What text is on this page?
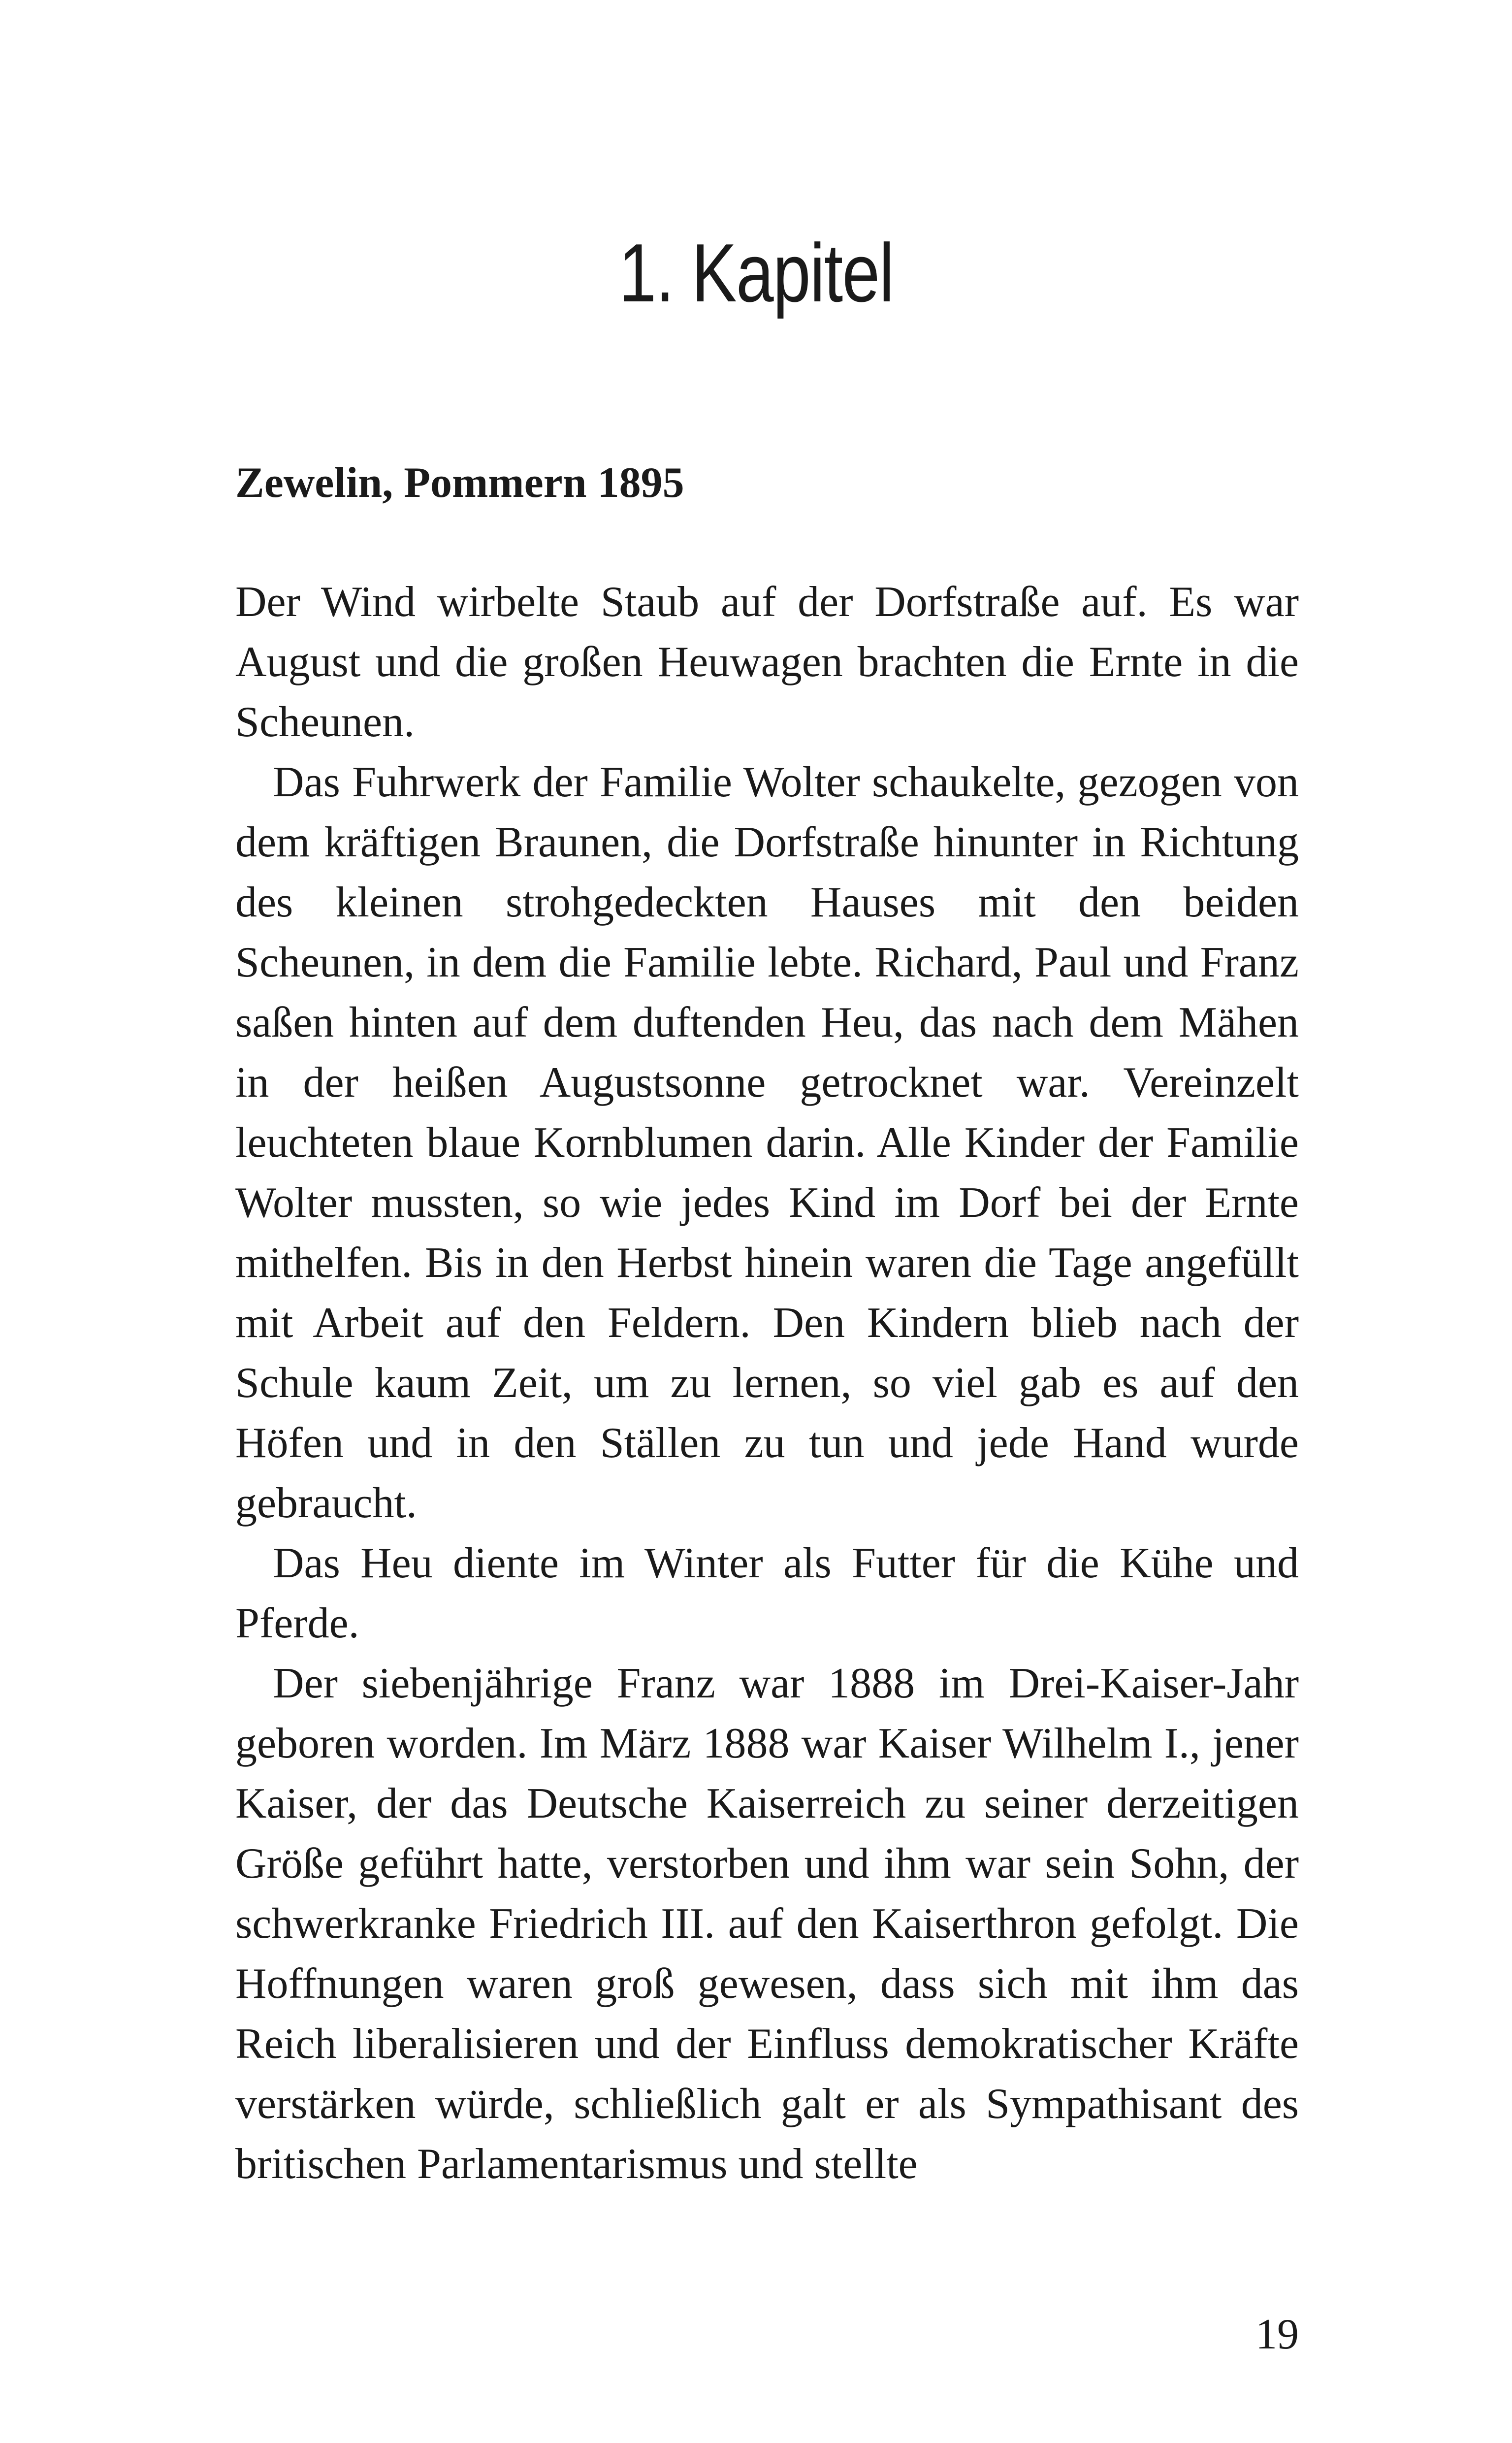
1. Kapitel
Zewelin, Pommern 1895

Der Wind wirbelte Staub auf der Dorfstraße auf. Es war August und die großen Heuwagen brachten die Ernte in die Scheunen.

Das Fuhrwerk der Familie Wolter schaukelte, gezogen von dem kräftigen Braunen, die Dorfstraße hinunter in Richtung des kleinen strohgedeckten Hauses mit den beiden Scheunen, in dem die Familie lebte. Richard, Paul und Franz saßen hinten auf dem duftenden Heu, das nach dem Mähen in der heißen Augustsonne getrocknet war. Vereinzelt leuchteten blaue Kornblumen darin. Alle Kinder der Familie Wolter mussten, so wie jedes Kind im Dorf bei der Ernte mithelfen. Bis in den Herbst hinein waren die Tage angefüllt mit Arbeit auf den Feldern. Den Kindern blieb nach der Schule kaum Zeit, um zu lernen, so viel gab es auf den Höfen und in den Ställen zu tun und jede Hand wurde gebraucht.

Das Heu diente im Winter als Futter für die Kühe und Pferde.

Der siebenjährige Franz war 1888 im Drei-Kaiser-Jahr geboren worden. Im März 1888 war Kaiser Wilhelm I., jener Kaiser, der das Deutsche Kaiserreich zu seiner derzeitigen Größe geführt hatte, verstorben und ihm war sein Sohn, der schwerkranke Friedrich III. auf den Kaiserthron gefolgt. Die Hoffnungen waren groß gewesen, dass sich mit ihm das Reich liberalisieren und der Einfluss demokratischer Kräfte verstärken würde, schließlich galt er als Sympathisant des britischen Parlamentarismus und stellte

19
